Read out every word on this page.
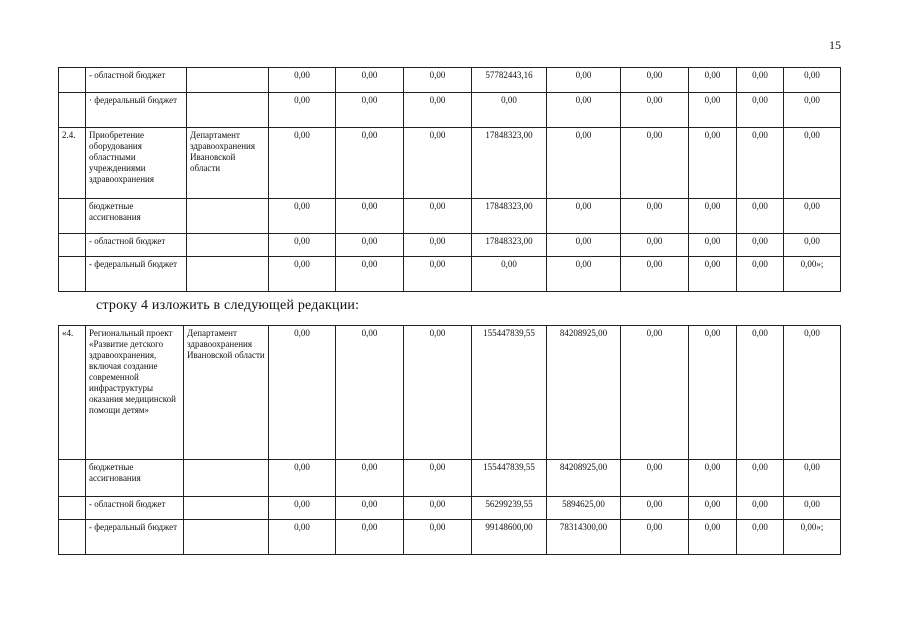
15
	- областной бюджет		0,00	0,00	0,00	57782443,16	0,00	0,00	0,00	0,00	0,00
	· федеральный бюджет		0,00	0,00	0,00	0,00	0,00	0,00	0,00	0,00	0,00
2.4.	Приобретение оборудования областными учреждениями здравоохранения	Департамент здравоохранения Ивановской области	0,00	0,00	0,00	17848323,00	0,00	0,00	0,00	0,00	0,00
	бюджетные ассигнования		0,00	0,00	0,00	17848323,00	0,00	0,00	0,00	0,00	0,00
	- областной бюджет		0,00	0,00	0,00	17848323,00	0,00	0,00	0,00	0,00	0,00
	- федеральный бюджет		0,00	0,00	0,00	0,00	0,00	0,00	0,00	0,00	0,00»;
строку 4 изложить в следующей редакции:
«4.	Региональный проект «Развитие детского здравоохранения, включая создание современной инфраструктуры оказания медицинской помощи детям»	Департамент здравоохранения Ивановской области	0,00	0,00	0,00	155447839,55	84208925,00	0,00	0,00	0,00	0,00
	бюджетные ассигнования		0,00	0,00	0,00	155447839,55	84208925,00	0,00	0,00	0,00	0,00
	- областной бюджет		0,00	0,00	0,00	56299239,55	5894625,00	0,00	0,00	0,00	0,00
	- федеральный бюджет		0,00	0,00	0,00	99148600,00	78314300,00	0,00	0,00	0,00	0,00»;
